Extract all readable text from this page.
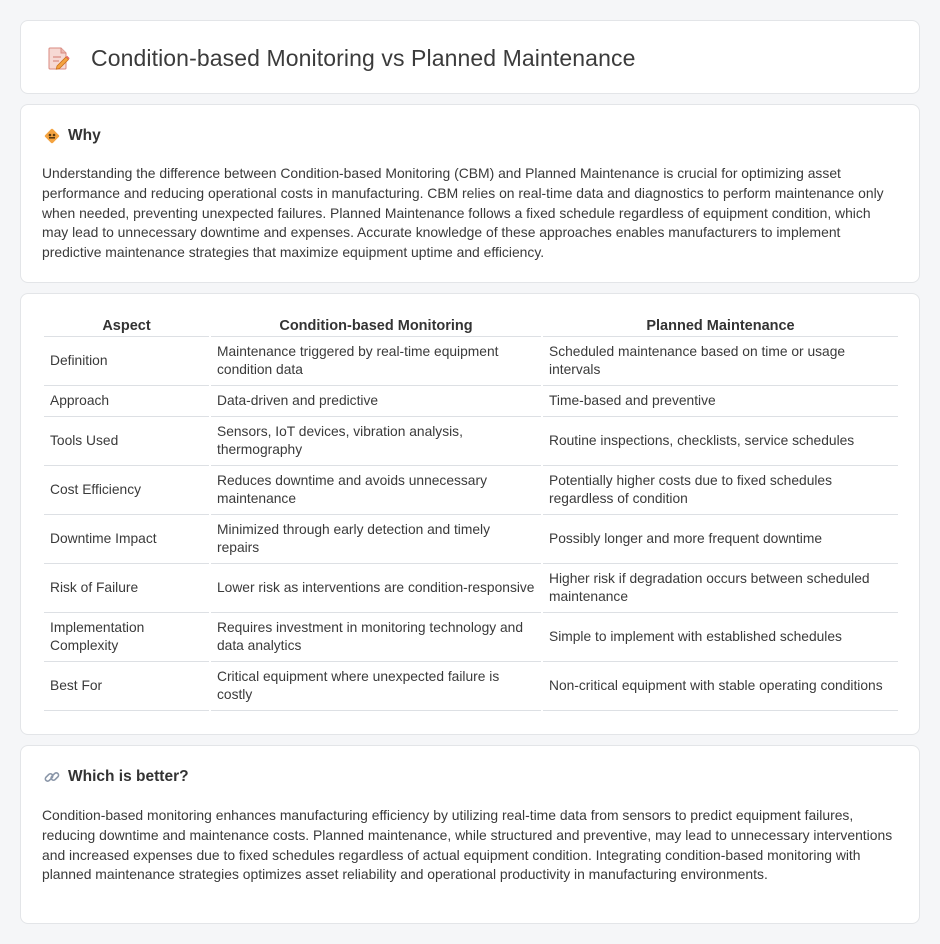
Condition-based Monitoring vs Planned Maintenance
Why

Understanding the difference between Condition-based Monitoring (CBM) and Planned Maintenance is crucial for optimizing asset performance and reducing operational costs in manufacturing. CBM relies on real-time data and diagnostics to perform maintenance only when needed, preventing unexpected failures. Planned Maintenance follows a fixed schedule regardless of equipment condition, which may lead to unnecessary downtime and expenses. Accurate knowledge of these approaches enables manufacturers to implement predictive maintenance strategies that maximize equipment uptime and efficiency.

Aspect	Condition-based Monitoring	Planned Maintenance
Definition	Maintenance triggered by real-time equipment condition data	Scheduled maintenance based on time or usage intervals
Approach	Data-driven and predictive	Time-based and preventive
Tools Used	Sensors, IoT devices, vibration analysis, thermography	Routine inspections, checklists, service schedules
Cost Efficiency	Reduces downtime and avoids unnecessary maintenance	Potentially higher costs due to fixed schedules regardless of condition
Downtime Impact	Minimized through early detection and timely repairs	Possibly longer and more frequent downtime
Risk of Failure	Lower risk as interventions are condition-responsive	Higher risk if degradation occurs between scheduled maintenance
Implementation Complexity	Requires investment in monitoring technology and data analytics	Simple to implement with established schedules
Best For	Critical equipment where unexpected failure is costly	Non-critical equipment with stable operating conditions
Which is better?

Condition-based monitoring enhances manufacturing efficiency by utilizing real-time data from sensors to predict equipment failures, reducing downtime and maintenance costs. Planned maintenance, while structured and preventive, may lead to unnecessary interventions and increased expenses due to fixed schedules regardless of actual equipment condition. Integrating condition-based monitoring with planned maintenance strategies optimizes asset reliability and operational productivity in manufacturing environments.
